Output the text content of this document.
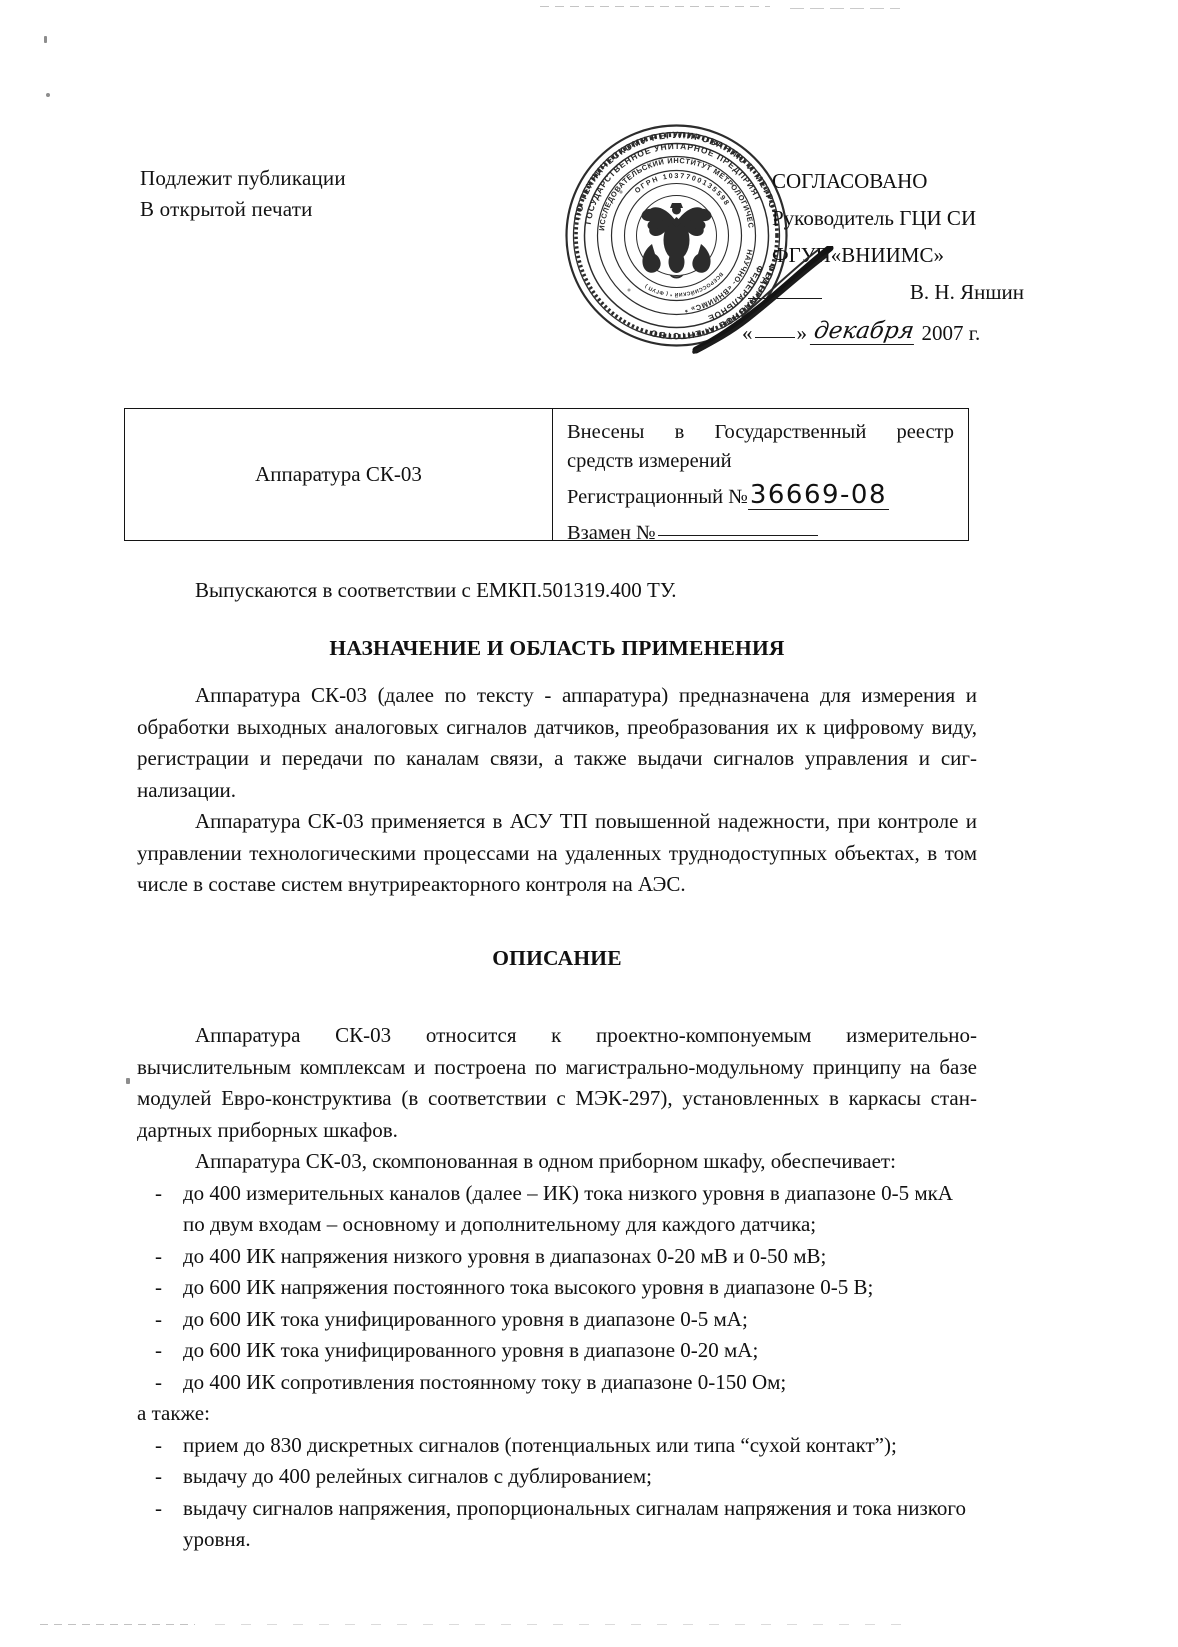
Подлежит публикации
В открытой печати	ПО ТЕХНИЧЕСКОМУ РЕГУЛИРОВАНИЮ И МЕТРО
ФЕДЕРАЛЬНОЕ АГЕНТСТВО
ГОСУДАРСТВЕННОЕ УНИТАРНОЕ ПРЕДПРИЯТ
ФЕДЕРАЛЬНОЕ
ИССЛЕДОВАТЕЛЬСКИЙ ИНСТИТУТ МЕТРОЛОГИЧЕС
НАУЧНО- «ВНИИМС» *
ОГРН 1037700135598
ВСЕРОССИЙСКИЙ * ( ФГУП )
СОГЛАСОВАНО
Руководитель ГЦИ СИ
ФГУП«ВНИИМС»
В. Н. Яншин
« » декабря 2007 г.
Аппаратура СК-03
Внесены в Государственный реестр
средств измерений
Регистрационный №36669-08
Взамен №

Выпускаются в соответствии с ЕМКП.501319.400 ТУ.

НАЗНАЧЕНИЕ И ОБЛАСТЬ ПРИМЕНЕНИЯ

Аппаратура СК-03 (далее по тексту - аппаратура) предназначена для измерения и обработки выходных аналоговых сигналов датчиков, преобразования их к цифровому виду, регистрации и передачи по каналам связи, а также выдачи сигналов управления и сигнализации.

Аппаратура СК-03 применяется в АСУ ТП повышенной надежности, при контроле и управлении технологическими процессами на удаленных труднодоступных объектах, в том числе в составе систем внутриреакторного контроля на АЭС.

ОПИСАНИЕ

Аппаратура СК-03 относится к проектно-компонуемым измерительно-вычислительным комплексам и построена по магистрально-модульному принципу на базе модулей Евро-конструктива (в соответствии с МЭК-297), установленных в каркасы стандартных приборных шкафов.

Аппаратура СК-03, скомпонованная в одном приборном шкафу, обеспечивает:

- до 400 измерительных каналов (далее – ИК) тока низкого уровня в диапазоне 0-5 мкА по двум входам – основному и дополнительному для каждого датчика;
- до 400 ИК напряжения низкого уровня в диапазонах 0-20 мВ и 0-50 мВ;
- до 600 ИК напряжения постоянного тока высокого уровня в диапазоне 0-5 В;
- до 600 ИК тока унифицированного уровня в диапазоне 0-5 мА;
- до 600 ИК тока унифицированного уровня в диапазоне 0-20 мА;
- до 400 ИК сопротивления постоянному току в диапазоне 0-150 Ом;

а также:

- прием до 830 дискретных сигналов (потенциальных или типа “сухой контакт”);
- выдачу до 400 релейных сигналов с дублированием;
- выдачу сигналов напряжения, пропорциональных сигналам напряжения и тока низкого уровня.
